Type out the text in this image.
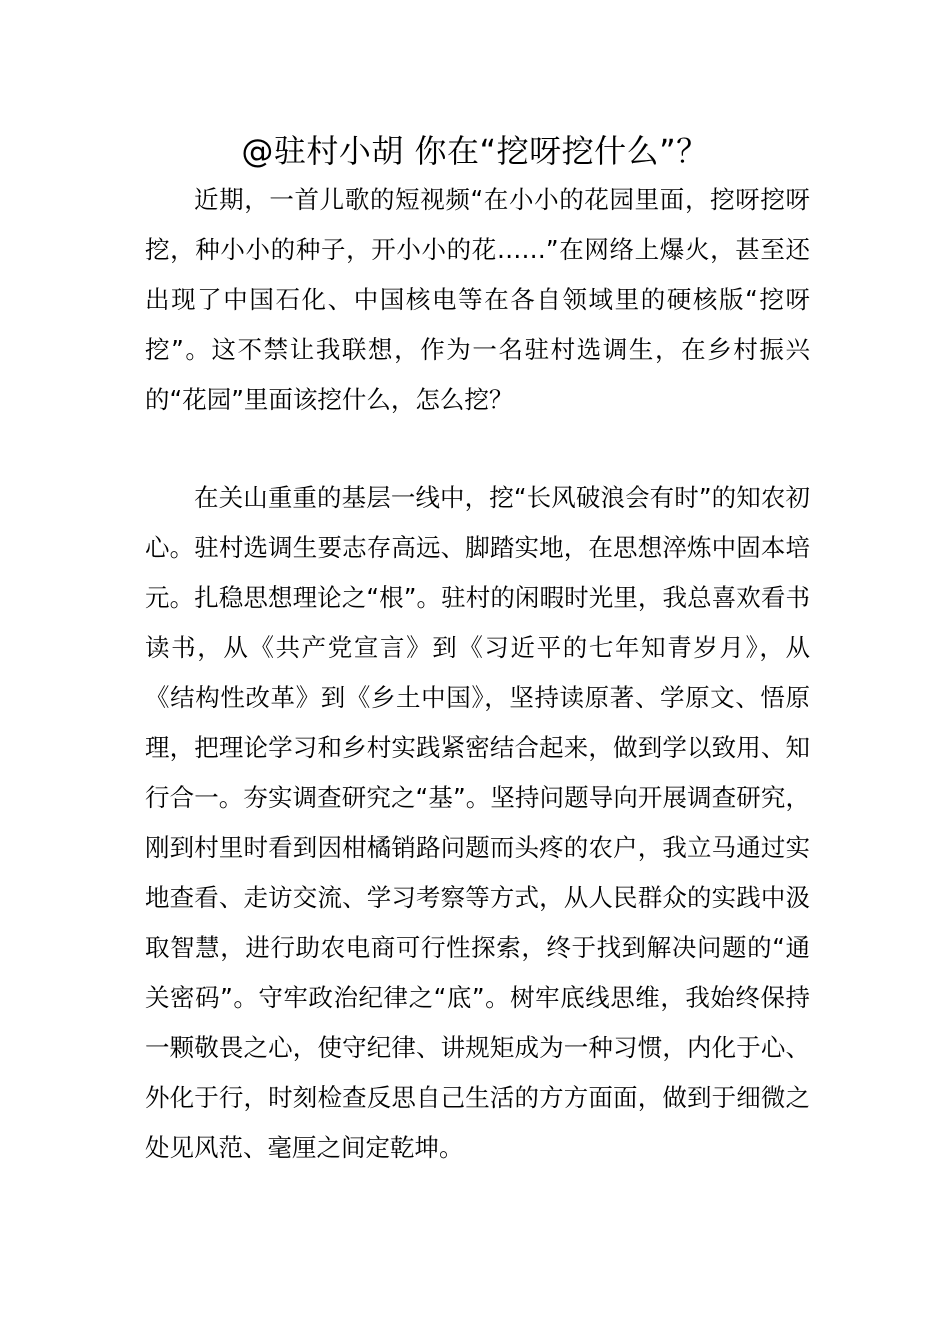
@驻村小胡 你在“挖呀挖什么”？

近期，一首儿歌的短视频“在小小的花园里面，挖呀挖呀挖，种小小的种子，开小小的花……”在网络上爆火，甚至还出现了中国石化、中国核电等在各自领域里的硬核版“挖呀挖”。这不禁让我联想，作为一名驻村选调生，在乡村振兴的“花园”里面该挖什么，怎么挖？

在关山重重的基层一线中，挖“长风破浪会有时”的知农初心。驻村选调生要志存高远、脚踏实地，在思想淬炼中固本培元。扎稳思想理论之“根”。驻村的闲暇时光里，我总喜欢看书读书，从《共产党宣言》到《习近平的七年知青岁月》，从《结构性改革》到《乡土中国》，坚持读原著、学原文、悟原理，把理论学习和乡村实践紧密结合起来，做到学以致用、知行合一。夯实调查研究之“基”。坚持问题导向开展调查研究，刚到村里时看到因柑橘销路问题而头疼的农户，我立马通过实地查看、走访交流、学习考察等方式，从人民群众的实践中汲取智慧，进行助农电商可行性探索，终于找到解决问题的“通关密码”。守牢政治纪律之“底”。树牢底线思维，我始终保持一颗敬畏之心，使守纪律、讲规矩成为一种习惯，内化于心、外化于行，时刻检查反思自己生活的方方面面，做到于细微之处见风范、毫厘之间定乾坤。
